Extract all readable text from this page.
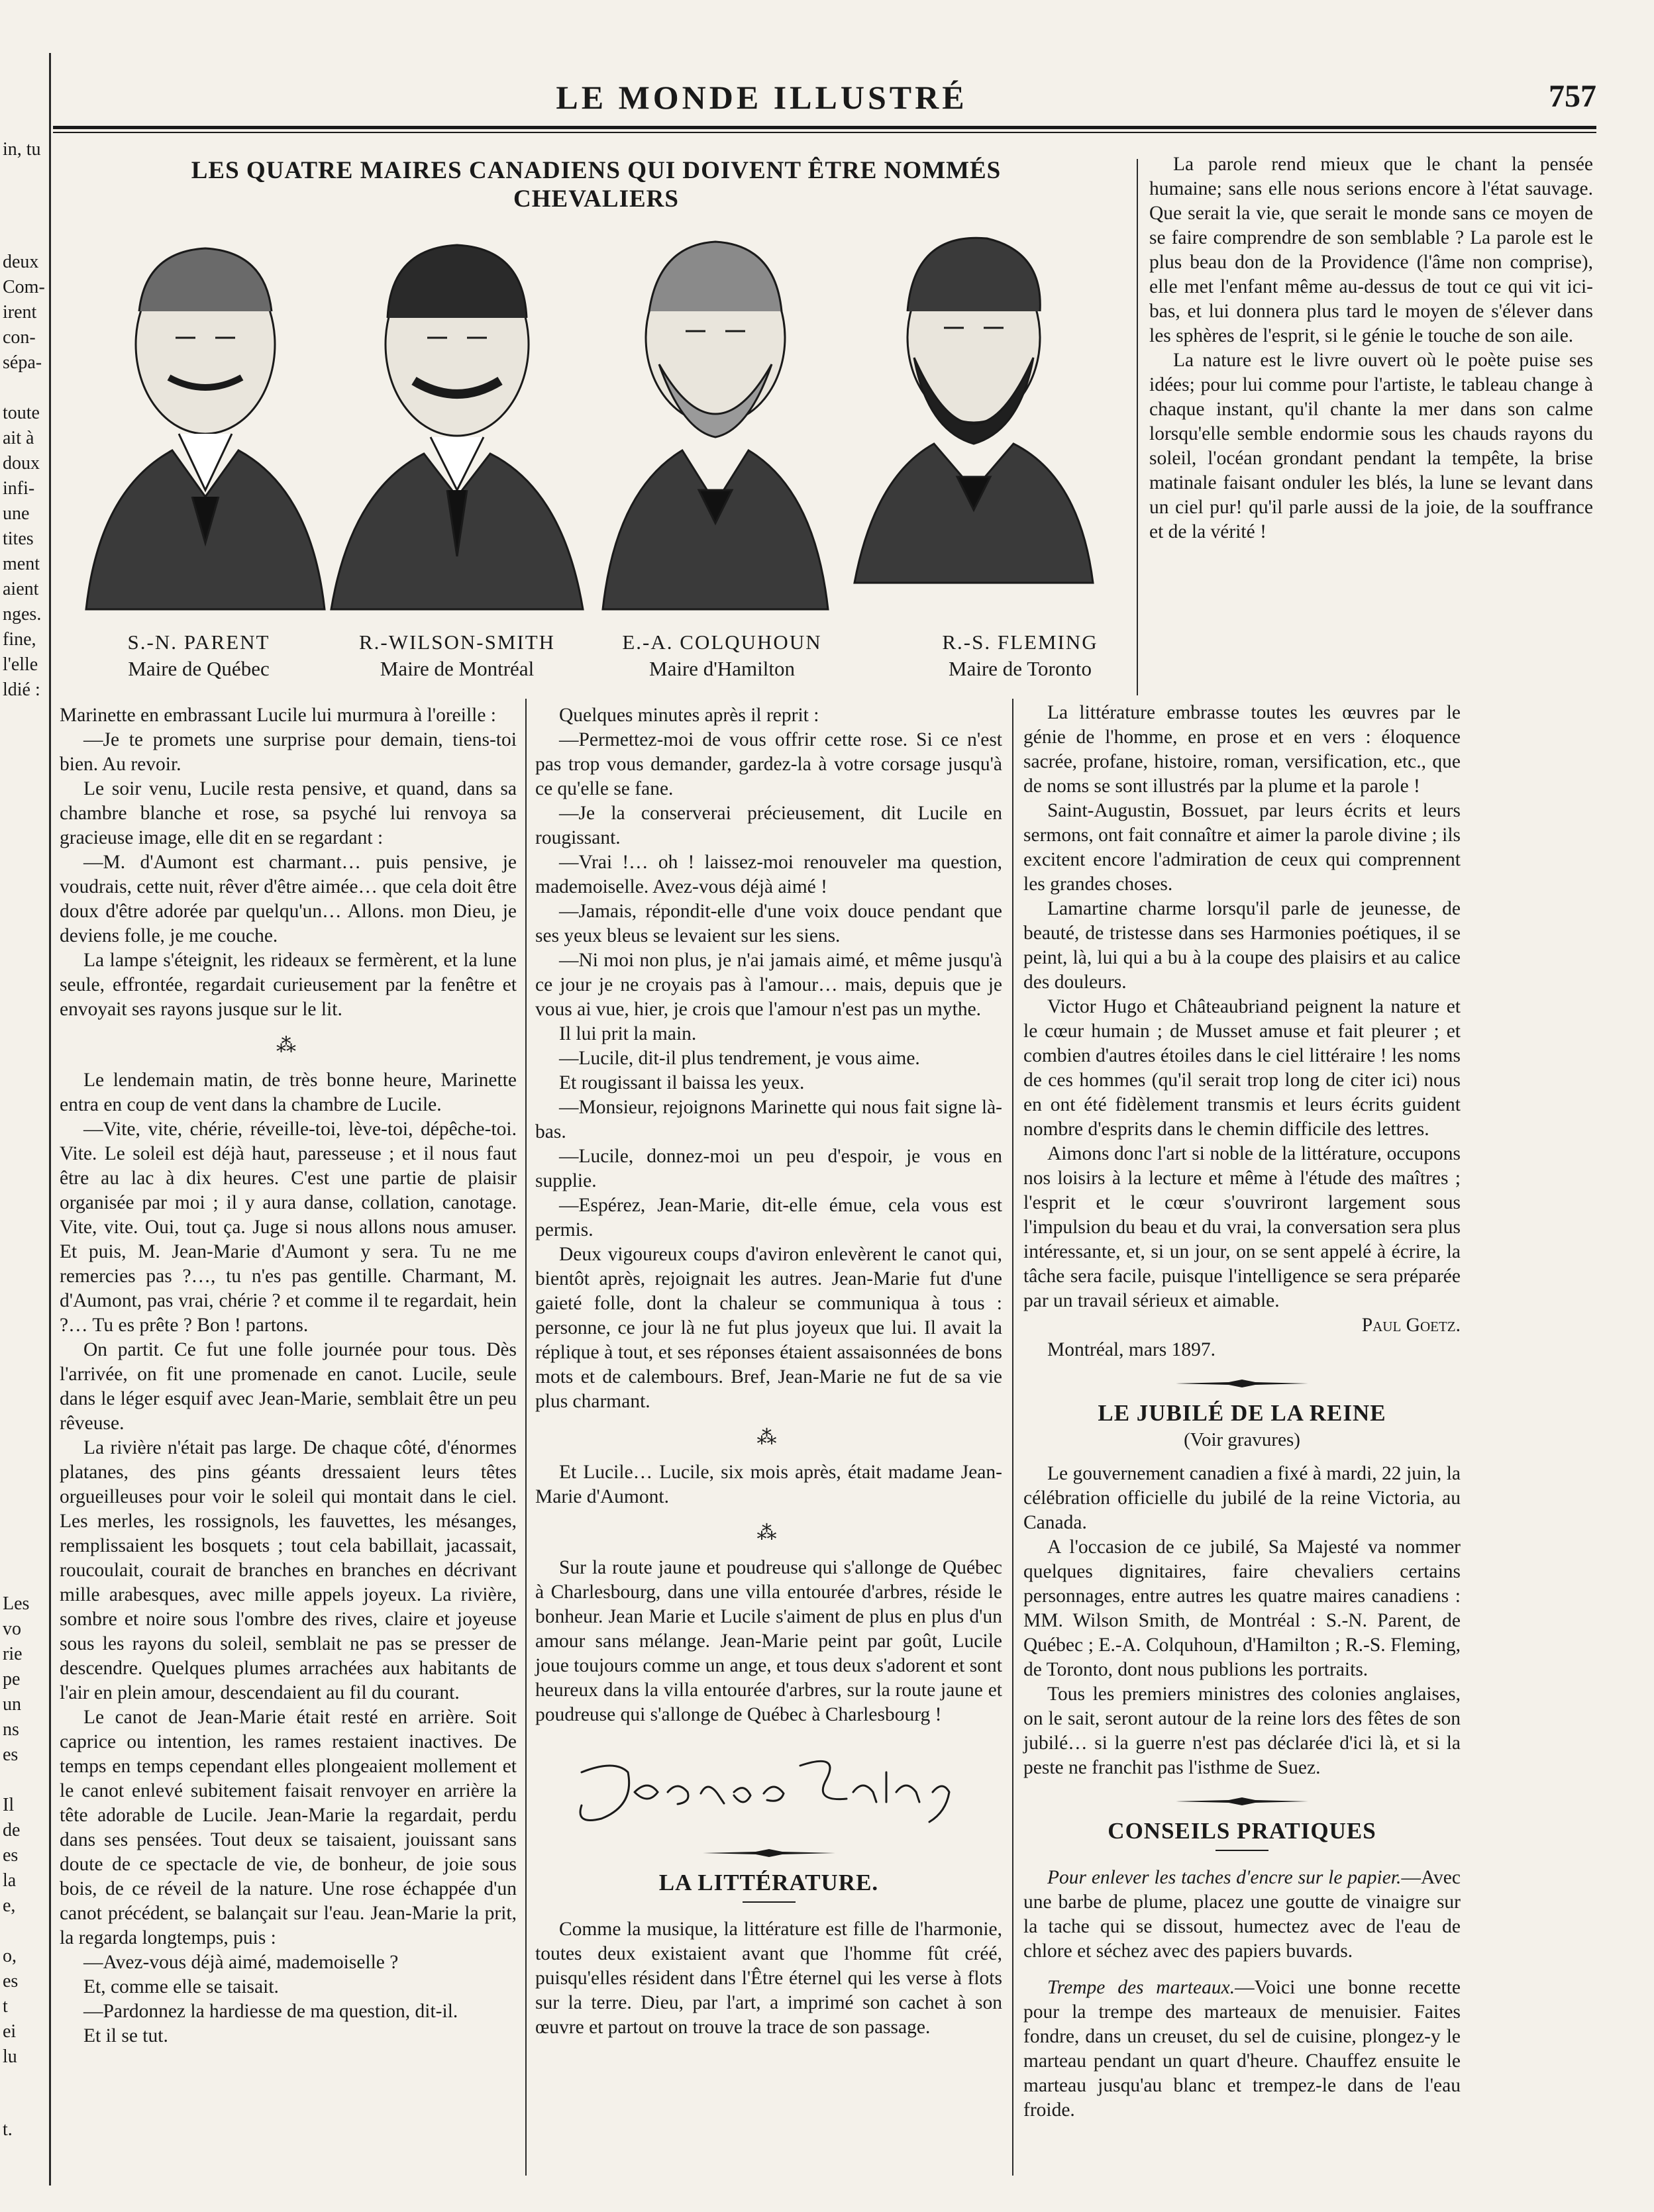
in, tu
deux
Com-
irent
con-
sépa-
toute
ait à
doux
infi-
une
tites
ment
aient
nges.
fine,
l'elle
ldié :
Les
vo
rie
pe
un
ns
es
Il
de
es
la
e,
o,
es
t
ei
lu
t.
LE MONDE ILLUSTRÉ	757
LES QUATRE MAIRES CANADIENS QUI DOIVENT ÊTRE NOMMÉS CHEVALIERS
S.-N. PARENT
Maire de Québec
R.-WILSON-SMITH
Maire de Montréal
E.-A. COLQUHOUN
Maire d'Hamilton
R.-S. FLEMING
Maire de Toronto

Marinette en embrassant Lucile lui murmura à l'oreille :

—Je te promets une surprise pour demain, tiens-toi bien. Au revoir.

Le soir venu, Lucile resta pensive, et quand, dans sa chambre blanche et rose, sa psyché lui renvoya sa gracieuse image, elle dit en se regardant :

—M. d'Aumont est charmant… puis pensive, je voudrais, cette nuit, rêver d'être aimée… que cela doit être doux d'être adorée par quelqu'un… Allons. mon Dieu, je deviens folle, je me couche.

La lampe s'éteignit, les rideaux se fermèrent, et la lune seule, effrontée, regardait curieusement par la fenêtre et envoyait ses rayons jusque sur le lit.

⁂

Le lendemain matin, de très bonne heure, Marinette entra en coup de vent dans la chambre de Lucile.

—Vite, vite, chérie, réveille-toi, lève-toi, dépêche-toi. Vite. Le soleil est déjà haut, paresseuse ; et il nous faut être au lac à dix heures. C'est une partie de plaisir organisée par moi ; il y aura danse, collation, canotage. Vite, vite. Oui, tout ça. Juge si nous allons nous amuser. Et puis, M. Jean-Marie d'Aumont y sera. Tu ne me remercies pas ?…, tu n'es pas gentille. Charmant, M. d'Aumont, pas vrai, chérie ? et comme il te regardait, hein ?… Tu es prête ? Bon ! partons.

On partit. Ce fut une folle journée pour tous. Dès l'arrivée, on fit une promenade en canot. Lucile, seule dans le léger esquif avec Jean-Marie, semblait être un peu rêveuse.

La rivière n'était pas large. De chaque côté, d'énormes platanes, des pins géants dressaient leurs têtes orgueilleuses pour voir le soleil qui montait dans le ciel. Les merles, les rossignols, les fauvettes, les mésanges, remplissaient les bosquets ; tout cela babillait, jacassait, roucoulait, courait de branches en branches en décrivant mille arabesques, avec mille appels joyeux. La rivière, sombre et noire sous l'ombre des rives, claire et joyeuse sous les rayons du soleil, semblait ne pas se presser de descendre. Quelques plumes arrachées aux habitants de l'air en plein amour, descendaient au fil du courant.

Le canot de Jean-Marie était resté en arrière. Soit caprice ou intention, les rames restaient inactives. De temps en temps cependant elles plongeaient mollement et le canot enlevé subitement faisait renvoyer en arrière la tête adorable de Lucile. Jean-Marie la regardait, perdu dans ses pensées. Tout deux se taisaient, jouissant sans doute de ce spectacle de vie, de bonheur, de joie sous bois, de ce réveil de la nature. Une rose échappée d'un canot précédent, se balançait sur l'eau. Jean-Marie la prit, la regarda longtemps, puis :

—Avez-vous déjà aimé, mademoiselle ?

Et, comme elle se taisait.

—Pardonnez la hardiesse de ma question, dit-il.

Et il se tut.

Quelques minutes après il reprit :

—Permettez-moi de vous offrir cette rose. Si ce n'est pas trop vous demander, gardez-la à votre corsage jusqu'à ce qu'elle se fane.

—Je la conserverai précieusement, dit Lucile en rougissant.

—Vrai !… oh ! laissez-moi renouveler ma question, mademoiselle. Avez-vous déjà aimé !

—Jamais, répondit-elle d'une voix douce pendant que ses yeux bleus se levaient sur les siens.

—Ni moi non plus, je n'ai jamais aimé, et même jusqu'à ce jour je ne croyais pas à l'amour… mais, depuis que je vous ai vue, hier, je crois que l'amour n'est pas un mythe.

Il lui prit la main.

—Lucile, dit-il plus tendrement, je vous aime.

Et rougissant il baissa les yeux.

—Monsieur, rejoignons Marinette qui nous fait signe là-bas.

—Lucile, donnez-moi un peu d'espoir, je vous en supplie.

—Espérez, Jean-Marie, dit-elle émue, cela vous est permis.

Deux vigoureux coups d'aviron enlevèrent le canot qui, bientôt après, rejoignait les autres. Jean-Marie fut d'une gaieté folle, dont la chaleur se communiqua à tous : personne, ce jour là ne fut plus joyeux que lui. Il avait la réplique à tout, et ses réponses étaient assaisonnées de bons mots et de calembours. Bref, Jean-Marie ne fut de sa vie plus charmant.

⁂

Et Lucile… Lucile, six mois après, était madame Jean-Marie d'Aumont.

⁂

Sur la route jaune et poudreuse qui s'allonge de Québec à Charlesbourg, dans une villa entourée d'arbres, réside le bonheur. Jean Marie et Lucile s'aiment de plus en plus d'un amour sans mélange. Jean-Marie peint par goût, Lucile joue toujours comme un ange, et tous deux s'adorent et sont heureux dans la villa entourée d'arbres, sur la route jaune et poudreuse qui s'allonge de Québec à Charlesbourg !

LA LITTÉRATURE.

Comme la musique, la littérature est fille de l'harmonie, toutes deux existaient avant que l'homme fût créé, puisqu'elles résident dans l'Être éternel qui les verse à flots sur la terre. Dieu, par l'art, a imprimé son cachet à son œuvre et partout on trouve la trace de son passage.

La parole rend mieux que le chant la pensée humaine; sans elle nous serions encore à l'état sauvage. Que serait la vie, que serait le monde sans ce moyen de se faire comprendre de son semblable ? La parole est le plus beau don de la Providence (l'âme non comprise), elle met l'enfant même au-dessus de tout ce qui vit ici-bas, et lui donnera plus tard le moyen de s'élever dans les sphères de l'esprit, si le génie le touche de son aile.

La nature est le livre ouvert où le poète puise ses idées; pour lui comme pour l'artiste, le tableau change à chaque instant, qu'il chante la mer dans son calme lorsqu'elle semble endormie sous les chauds rayons du soleil, l'océan grondant pendant la tempête, la brise matinale faisant onduler les blés, la lune se levant dans un ciel pur! qu'il parle aussi de la joie, de la souffrance et de la vérité !

La littérature embrasse toutes les œuvres par le génie de l'homme, en prose et en vers : éloquence sacrée, profane, histoire, roman, versification, etc., que de noms se sont illustrés par la plume et la parole !

Saint-Augustin, Bossuet, par leurs écrits et leurs sermons, ont fait connaître et aimer la parole divine ; ils excitent encore l'admiration de ceux qui comprennent les grandes choses.

Lamartine charme lorsqu'il parle de jeunesse, de beauté, de tristesse dans ses Harmonies poétiques, il se peint, là, lui qui a bu à la coupe des plaisirs et au calice des douleurs.

Victor Hugo et Châteaubriand peignent la nature et le cœur humain ; de Musset amuse et fait pleurer ; et combien d'autres étoiles dans le ciel littéraire ! les noms de ces hommes (qu'il serait trop long de citer ici) nous en ont été fidèlement transmis et leurs écrits guident nombre d'esprits dans le chemin difficile des lettres.

Aimons donc l'art si noble de la littérature, occupons nos loisirs à la lecture et même à l'étude des maîtres ; l'esprit et le cœur s'ouvriront largement sous l'impulsion du beau et du vrai, la conversation sera plus intéressante, et, si un jour, on se sent appelé à écrire, la tâche sera facile, puisque l'intelligence se sera préparée par un travail sérieux et aimable.

Paul Goetz.

Montréal, mars 1897.

LE JUBILÉ DE LA REINE
(Voir gravures)

Le gouvernement canadien a fixé à mardi, 22 juin, la célébration officielle du jubilé de la reine Victoria, au Canada.

A l'occasion de ce jubilé, Sa Majesté va nommer quelques dignitaires, faire chevaliers certains personnages, entre autres les quatre maires canadiens : MM. Wilson Smith, de Montréal : S.-N. Parent, de Québec ; E.-A. Colquhoun, d'Hamilton ; R.-S. Fleming, de Toronto, dont nous publions les portraits.

Tous les premiers ministres des colonies anglaises, on le sait, seront autour de la reine lors des fêtes de son jubilé… si la guerre n'est pas déclarée d'ici là, et si la peste ne franchit pas l'isthme de Suez.

CONSEILS PRATIQUES

Pour enlever les taches d'encre sur le papier.—Avec une barbe de plume, placez une goutte de vinaigre sur la tache qui se dissout, humectez avec de l'eau de chlore et séchez avec des papiers buvards.

Trempe des marteaux.—Voici une bonne recette pour la trempe des marteaux de menuisier. Faites fondre, dans un creuset, du sel de cuisine, plongez-y le marteau pendant un quart d'heure. Chauffez ensuite le marteau jusqu'au blanc et trempez-le dans de l'eau froide.
